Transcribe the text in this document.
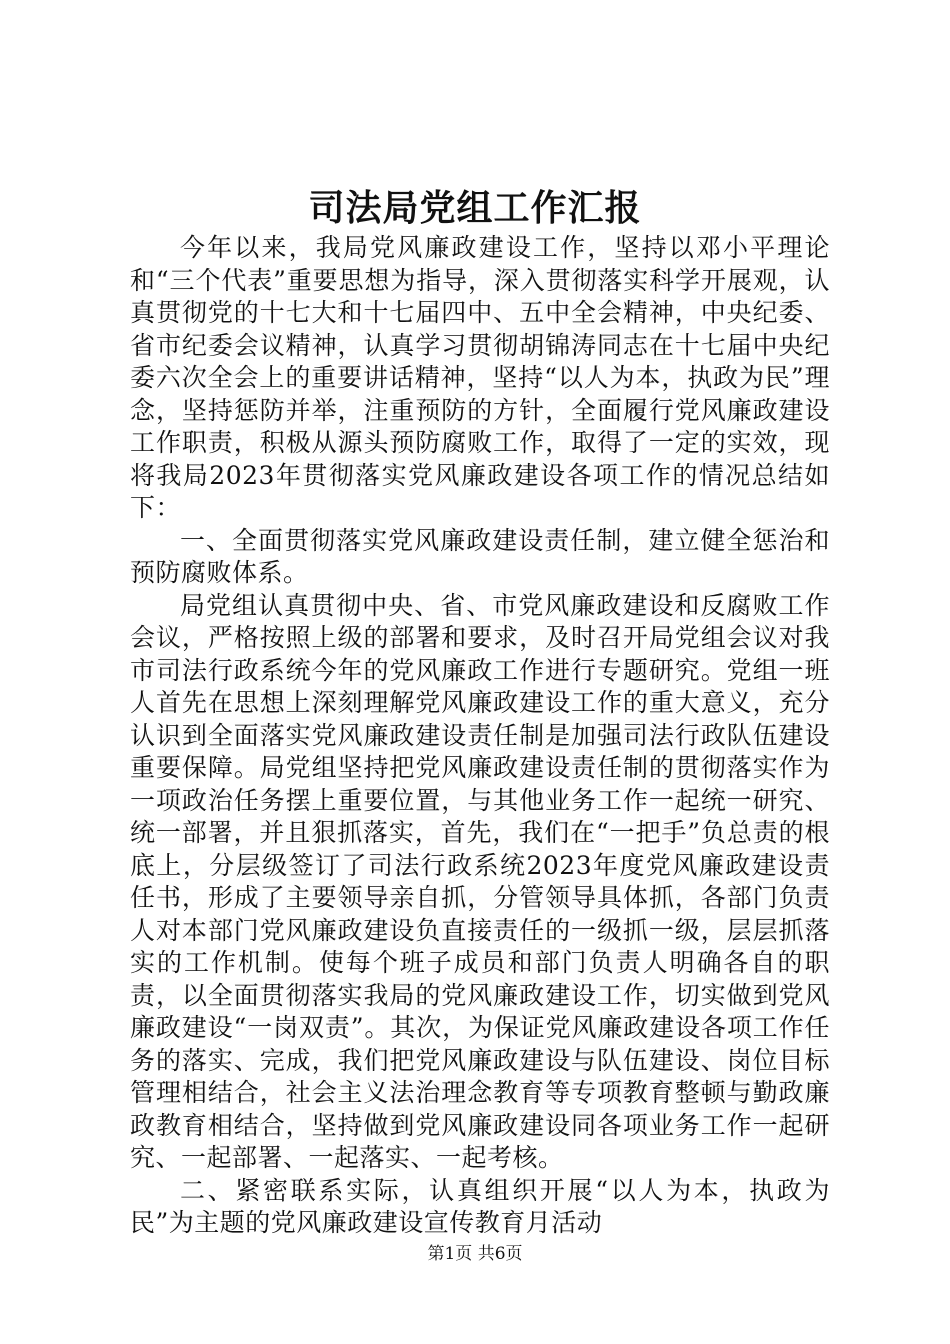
司法局党组工作汇报

今年以来，我局党风廉政建设工作，坚持以邓小平理论和“三个代表”重要思想为指导，深入贯彻落实科学开展观，认真贯彻党的十七大和十七届四中、五中全会精神，中央纪委、省市纪委会议精神，认真学习贯彻胡锦涛同志在十七届中央纪委六次全会上的重要讲话精神，坚持“以人为本，执政为民”理念，坚持惩防并举，注重预防的方针，全面履行党风廉政建设工作职责，积极从源头预防腐败工作，取得了一定的实效，现将我局2023年贯彻落实党风廉政建设各项工作的情况总结如下：

一、全面贯彻落实党风廉政建设责任制，建立健全惩治和预防腐败体系。

局党组认真贯彻中央、省、市党风廉政建设和反腐败工作会议，严格按照上级的部署和要求，及时召开局党组会议对我市司法行政系统今年的党风廉政工作进行专题研究。党组一班人首先在思想上深刻理解党风廉政建设工作的重大意义，充分认识到全面落实党风廉政建设责任制是加强司法行政队伍建设重要保障。局党组坚持把党风廉政建设责任制的贯彻落实作为一项政治任务摆上重要位置，与其他业务工作一起统一研究、统一部署，并且狠抓落实，首先，我们在“一把手”负总责的根底上，分层级签订了司法行政系统2023年度党风廉政建设责任书，形成了主要领导亲自抓，分管领导具体抓，各部门负责人对本部门党风廉政建设负直接责任的一级抓一级，层层抓落实的工作机制。使每个班子成员和部门负责人明确各自的职责，以全面贯彻落实我局的党风廉政建设工作，切实做到党风廉政建设“一岗双责”。其次，为保证党风廉政建设各项工作任务的落实、完成，我们把党风廉政建设与队伍建设、岗位目标管理相结合，社会主义法治理念教育等专项教育整顿与勤政廉政教育相结合，坚持做到党风廉政建设同各项业务工作一起研究、一起部署、一起落实、一起考核。

二、紧密联系实际，认真组织开展“以人为本，执政为民”为主题的党风廉政建设宣传教育月活动

第1页 共6页
